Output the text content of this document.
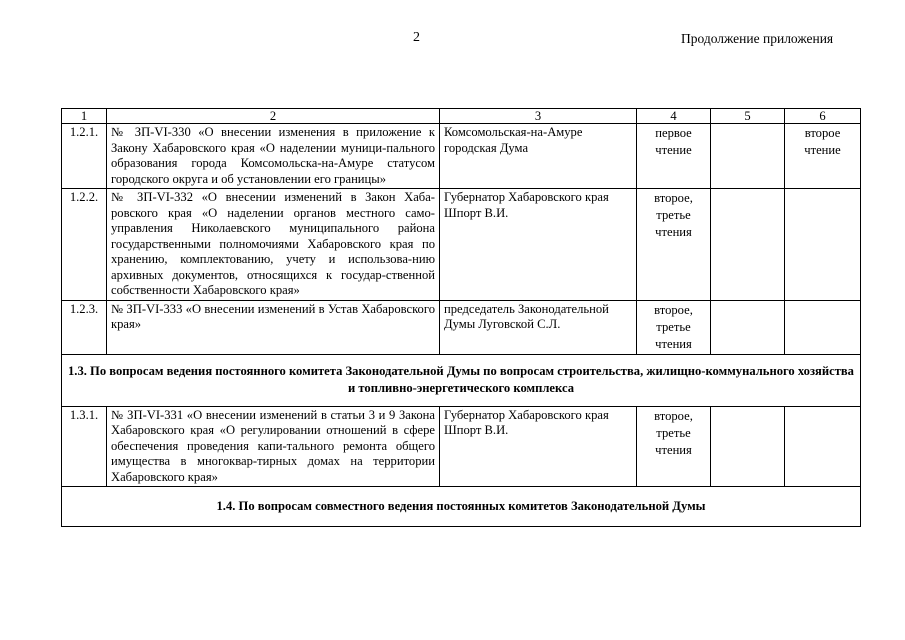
2	Продолжение приложения
1	2	3	4	5	6
1.2.1.	№ ЗП-VI-330 «О внесении изменения в приложение к Закону Хабаровского края «О наделении муници-пального образования города Комсомольска-на-Амуре статусом городского округа и об установлении его границы»	Комсомольская-на-Амуре городская Дума	первое чтение		второе чтение
1.2.2.	№ ЗП-VI-332 «О внесении изменений в Закон Хаба-ровского края «О наделении органов местного само-управления Николаевского муниципального района государственными полномочиями Хабаровского края по хранению, комплектованию, учету и использова-нию архивных документов, относящихся к государ-ственной собственности Хабаровского края»	Губернатор Хабаровского края Шпорт В.И.	второе, третье чтения		
1.2.3.	№ ЗП-VI-333 «О внесении изменений в Устав Хабаровского края»	председатель Законодательной Думы Луговской С.Л.	второе, третье чтения		
1.3. По вопросам ведения постоянного комитета Законодательной Думы по вопросам строительства, жилищно-коммунального хозяйства и топливно-энергетического комплекса					
1.3.1.	№ ЗП-VI-331 «О внесении изменений в статьи 3 и 9 Закона Хабаровского края «О регулировании отношений в сфере обеспечения проведения капи-тального ремонта общего имущества в многоквар-тирных домах на территории Хабаровского края»	Губернатор Хабаровского края Шпорт В.И.	второе, третье чтения		
1.4. По вопросам совместного ведения постоянных комитетов Законодательной Думы					
